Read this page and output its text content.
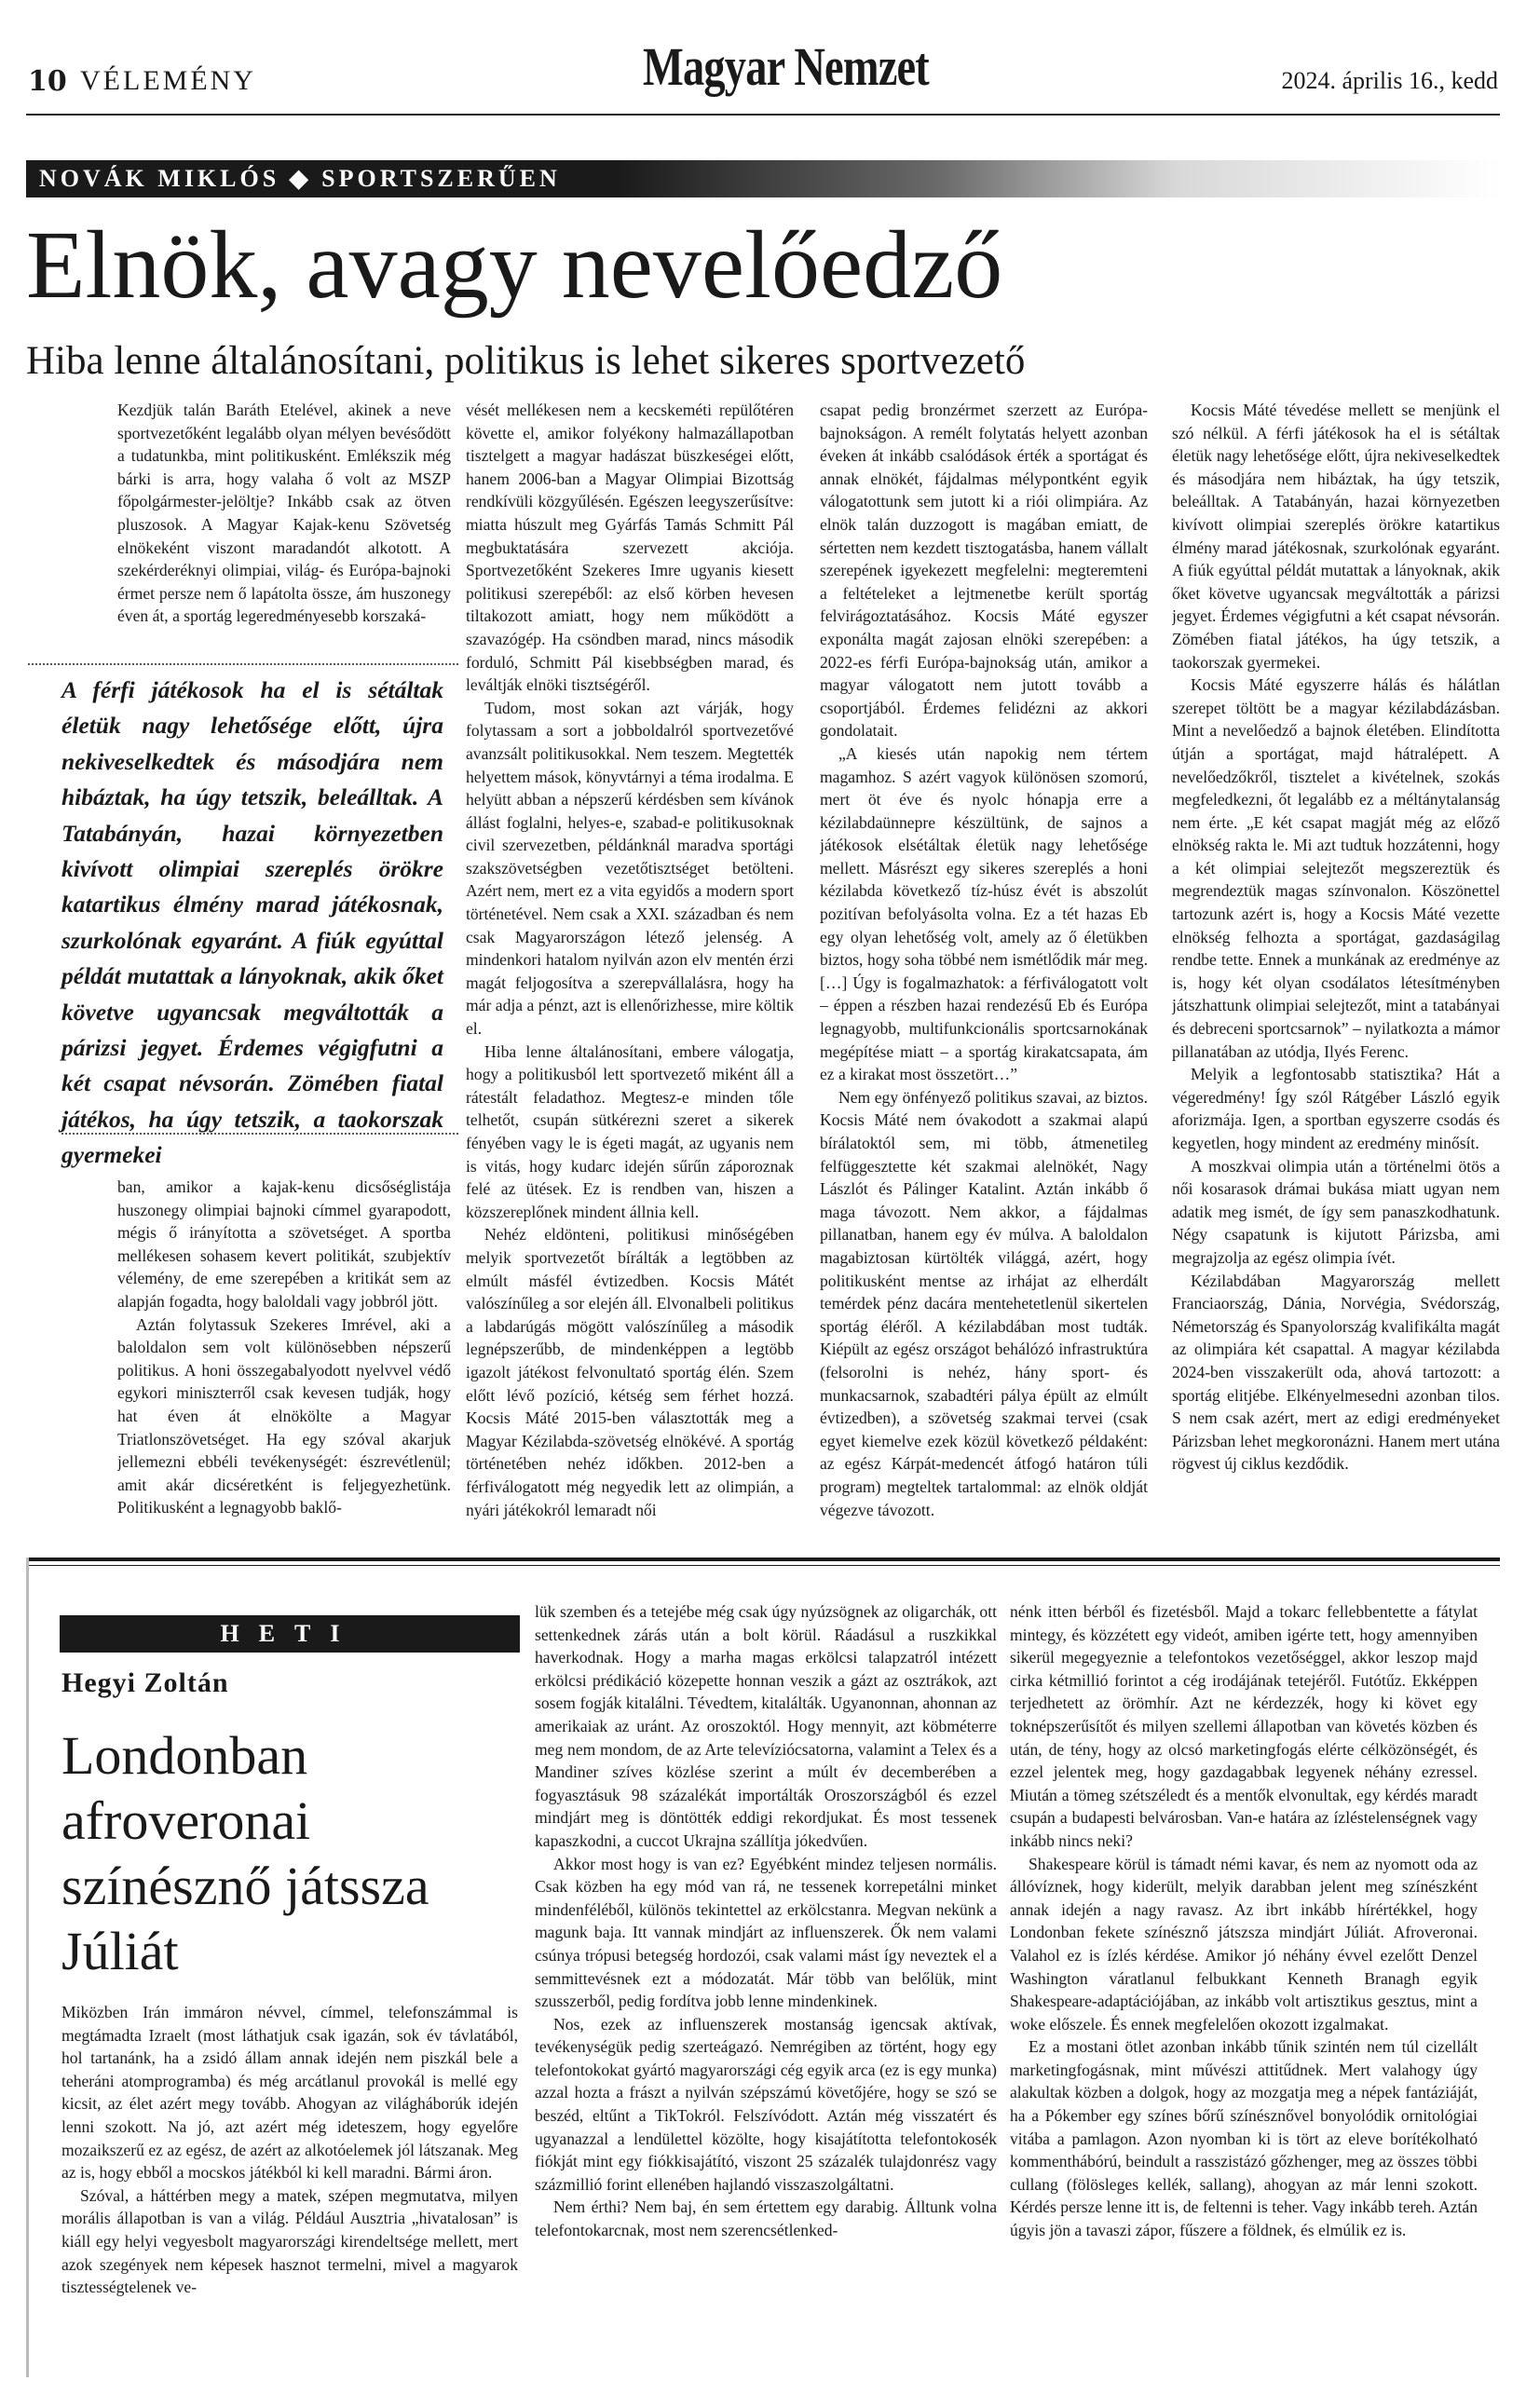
10 VÉLEMÉNY	Magyar Nemzet	2024. április 16., kedd
NOVÁK MIKLÓS ◆ SPORTSZERŰEN
Elnök, avagy nevelőedző
Hiba lenne általánosítani, politikus is lehet sikeres sportvezető

Kezdjük talán Baráth Etelével, akinek a neve sportvezetőként legalább olyan mélyen bevésődött a tudatunkba, mint politikusként. Emlékszik még bárki is arra, hogy valaha ő volt az MSZP főpolgármester-jelöltje? Inkább csak az ötven pluszosok. A Magyar Kajak-kenu Szövetség elnökeként viszont maradandót alkotott. A szekérderéknyi olimpiai, világ- és Európa-bajnoki érmet persze nem ő lapátolta össze, ám huszonegy éven át, a sportág legeredményesebb korszaká-

A férfi játékosok ha el is sétáltak életük nagy lehetősége előtt, újra nekiveselkedtek és másodjára nem hibáztak, ha úgy tetszik, beleálltak. A Tatabányán, hazai környezetben kivívott olimpiai szereplés örökre katartikus élmény marad játékosnak, szurkolónak egyaránt. A fiúk egyúttal példát mutattak a lányoknak, akik őket követve ugyancsak megváltották a párizsi jegyet. Érdemes végigfutni a két csapat névsorán. Zömében fiatal játékos, ha úgy tetszik, a taokorszak gyermekei

ban, amikor a kajak-kenu dicsőséglistája huszonegy olimpiai bajnoki címmel gyarapodott, mégis ő irányította a szövetséget. A sportba mellékesen sohasem kevert politikát, szubjektív vélemény, de eme szerepében a kritikát sem az alapján fogadta, hogy baloldali vagy jobbról jött.

Aztán folytassuk Szekeres Imrével, aki a baloldalon sem volt különösebben népszerű politikus. A honi összegabalyodott nyelvvel védő egykori miniszterről csak kevesen tudják, hogy hat éven át elnökölte a Magyar Triatlonszövetséget. Ha egy szóval akarjuk jellemezni ebbéli tevékenységét: észrevétlenül; amit akár dicséretként is feljegyezhetünk. Politikusként a legnagyobb baklő-

vését mellékesen nem a kecskeméti repülőtéren követte el, amikor folyékony halmazállapotban tisztelgett a magyar hadászat büszkeségei előtt, hanem 2006-ban a Magyar Olimpiai Bizottság rendkívüli közgyűlésén. Egészen leegyszerűsítve: miatta húszult meg Gyárfás Tamás Schmitt Pál megbuktatására szervezett akciója. Sportvezetőként Szekeres Imre ugyanis kiesett politikusi szerepéből: az első körben hevesen tiltakozott amiatt, hogy nem működött a szavazógép. Ha csöndben marad, nincs második forduló, Schmitt Pál kisebbségben marad, és leváltják elnöki tisztségéről.

Tudom, most sokan azt várják, hogy folytassam a sort a jobboldalról sportvezetővé avanzsált politikusokkal. Nem teszem. Megtették helyettem mások, könyvtárnyi a téma irodalma. E helyütt abban a népszerű kérdésben sem kívánok állást foglalni, helyes-e, szabad-e politikusoknak civil szervezetben, példánknál maradva sportági szakszövetségben vezetőtisztséget betölteni. Azért nem, mert ez a vita egyidős a modern sport történetével. Nem csak a XXI. században és nem csak Magyarországon létező jelenség. A mindenkori hatalom nyilván azon elv mentén érzi magát feljogosítva a szerepvállalásra, hogy ha már adja a pénzt, azt is ellenőrizhesse, mire költik el.

Hiba lenne általánosítani, embere válogatja, hogy a politikusból lett sportvezető miként áll a rátestált feladathoz. Megtesz-e minden tőle telhetőt, csupán sütkérezni szeret a sikerek fényében vagy le is égeti magát, az ugyanis nem is vitás, hogy kudarc idején sűrűn záporoznak felé az ütések. Ez is rendben van, hiszen a közszereplőnek mindent állnia kell.

Nehéz eldönteni, politikusi minőségében melyik sportvezetőt bírálták a legtöbben az elmúlt másfél évtizedben. Kocsis Mátét valószínűleg a sor elején áll. Elvonalbeli politikus a labdarúgás mögött valószínűleg a második legnépszerűbb, de mindenképpen a legtöbb igazolt játékost felvonultató sportág élén. Szem előtt lévő pozíció, kétség sem férhet hozzá. Kocsis Máté 2015-ben választották meg a Magyar Kézilabda-szövetség elnökévé. A sportág történetében nehéz időkben. 2012-ben a férfiválogatott még negyedik lett az olimpián, a nyári játékokról lemaradt női

csapat pedig bronzérmet szerzett az Európa-bajnokságon. A remélt folytatás helyett azonban éveken át inkább csalódások érték a sportágat és annak elnökét, fájdalmas mélypontként egyik válogatottunk sem jutott ki a riói olimpiára. Az elnök talán duzzogott is magában emiatt, de sértetten nem kezdett tisztogatásba, hanem vállalt szerepének igyekezett megfelelni: megteremteni a feltételeket a lejtmenetbe került sportág felvirágoztatásához. Kocsis Máté egyszer exponálta magát zajosan elnöki szerepében: a 2022-es férfi Európa-bajnokság után, amikor a magyar válogatott nem jutott tovább a csoportjából. Érdemes felidézni az akkori gondolatait.

„A kiesés után napokig nem tértem magamhoz. S azért vagyok különösen szomorú, mert öt éve és nyolc hónapja erre a kézilabdaünnepre készültünk, de sajnos a játékosok elsétáltak életük nagy lehetősége mellett. Másrészt egy sikeres szereplés a honi kézilabda következő tíz-húsz évét is abszolút pozitívan befolyásolta volna. Ez a tét hazas Eb egy olyan lehetőség volt, amely az ő életükben biztos, hogy soha többé nem ismétlődik már meg. […] Úgy is fogalmazhatok: a férfiválogatott volt – éppen a részben hazai rendezésű Eb és Európa legnagyobb, multifunkcionális sportcsarnokának megépítése miatt – a sportág kirakatcsapata, ám ez a kirakat most összetört…”

Nem egy önfényező politikus szavai, az biztos. Kocsis Máté nem óvakodott a szakmai alapú bírálatoktól sem, mi több, átmenetileg felfüggesztette két szakmai alelnökét, Nagy Lászlót és Pálinger Katalint. Aztán inkább ő maga távozott. Nem akkor, a fájdalmas pillanatban, hanem egy év múlva. A baloldalon magabiztosan kürtölték világgá, azért, hogy politikusként mentse az irhájat az elherdált temérdek pénz dacára mentehetetlenül sikertelen sportág éléről. A kézilabdában most tudták. Kiépült az egész országot behálózó infrastruktúra (felsorolni is nehéz, hány sport- és munkacsarnok, szabadtéri pálya épült az elmúlt évtizedben), a szövetség szakmai tervei (csak egyet kiemelve ezek közül következő példaként: az egész Kárpát-medencét átfogó határon túli program) megteltek tartalommal: az elnök oldját végezve távozott.

Kocsis Máté tévedése mellett se menjünk el szó nélkül. A férfi játékosok ha el is sétáltak életük nagy lehetősége előtt, újra nekiveselkedtek és másodjára nem hibáztak, ha úgy tetszik, beleálltak. A Tatabányán, hazai környezetben kivívott olimpiai szereplés örökre katartikus élmény marad játékosnak, szurkolónak egyaránt. A fiúk egyúttal példát mutattak a lányoknak, akik őket követve ugyancsak megváltották a párizsi jegyet. Érdemes végigfutni a két csapat névsorán. Zömében fiatal játékos, ha úgy tetszik, a taokorszak gyermekei.

Kocsis Máté egyszerre hálás és hálátlan szerepet töltött be a magyar kézilabdázásban. Mint a nevelőedző a bajnok életében. Elindította útján a sportágat, majd hátralépett. A nevelőedzőkről, tisztelet a kivételnek, szokás megfeledkezni, őt legalább ez a méltánytalanság nem érte. „E két csapat magját még az előző elnökség rakta le. Mi azt tudtuk hozzátenni, hogy a két olimpiai selejtezőt megszereztük és megrendeztük magas színvonalon. Köszönettel tartozunk azért is, hogy a Kocsis Máté vezette elnökség felhozta a sportágat, gazdaságilag rendbe tette. Ennek a munkának az eredménye az is, hogy két olyan csodálatos létesítményben játszhattunk olimpiai selejtezőt, mint a tatabányai és debreceni sportcsarnok” – nyilatkozta a mámor pillanatában az utódja, Ilyés Ferenc.

Melyik a legfontosabb statisztika? Hát a végeredmény! Így szól Rátgéber László egyik aforizmája. Igen, a sportban egyszerre csodás és kegyetlen, hogy mindent az eredmény minősít.

A moszkvai olimpia után a történelmi ötös a női kosarasok drámai bukása miatt ugyan nem adatik meg ismét, de így sem panaszkodhatunk. Négy csapatunk is kijutott Párizsba, ami megrajzolja az egész olimpia ívét.

Kézilabdában Magyarország mellett Franciaország, Dánia, Norvégia, Svédország, Németország és Spanyolország kvalifikálta magát az olimpiára két csapattal. A magyar kézilabda 2024-ben visszakerült oda, ahová tartozott: a sportág elitjébe. Elkényelmesedni azonban tilos. S nem csak azért, mert az edigi eredményeket Párizsban lehet megkoronázni. Hanem mert utána rögvest új ciklus kezdődik.

HETI AGYRÉMEK
Hegyi Zoltán
Londonban afroveronai színésznő játssza Júliát

Miközben Irán immáron névvel, címmel, telefonszámmal is megtámadta Izraelt (most láthatjuk csak igazán, sok év távlatából, hol tartanánk, ha a zsidó állam annak idején nem piszkál bele a teheráni atomprogramba) és még arcátlanul provokál is mellé egy kicsit, az élet azért megy tovább. Ahogyan az világháborúk idején lenni szokott. Na jó, azt azért még ideteszem, hogy egyelőre mozaikszerű ez az egész, de azért az alkotóelemek jól látszanak. Meg az is, hogy ebből a mocskos játékból ki kell maradni. Bármi áron.

Szóval, a háttérben megy a matek, szépen megmutatva, milyen morális állapotban is van a világ. Például Ausztria „hivatalosan” is kiáll egy helyi vegyesbolt magyarországi kirendeltsége mellett, mert azok szegények nem képesek hasznot termelni, mivel a magyarok tisztességtelenek ve-

lük szemben és a tetejébe még csak úgy nyúzsögnek az oligarchák, ott settenkednek zárás után a bolt körül. Ráadásul a ruszkikkal haverkodnak. Hogy a marha magas erkölcsi talapzatról intézett erkölcsi prédikáció közepette honnan veszik a gázt az osztrákok, azt sosem fogják kitalálni. Tévedtem, kitalálták. Ugyanonnan, ahonnan az amerikaiak az uránt. Az oroszoktól. Hogy mennyit, azt köbméterre meg nem mondom, de az Arte televíziócsatorna, valamint a Telex és a Mandiner szíves közlése szerint a múlt év decemberében a fogyasztásuk 98 százalékát importálták Oroszországból és ezzel mindjárt meg is döntötték eddigi rekordjukat. És most tessenek kapaszkodni, a cuccot Ukrajna szállítja jókedvűen.

Akkor most hogy is van ez? Egyébként mindez teljesen normális. Csak közben ha egy mód van rá, ne tessenek korrepetálni minket mindenféléből, különös tekintettel az erkölcstanra. Megvan nekünk a magunk baja. Itt vannak mindjárt az influenszerek. Ők nem valami csúnya trópusi betegség hordozói, csak valami mást így neveztek el a semmittevésnek ezt a módozatát. Már több van belőlük, mint szusszerből, pedig fordítva jobb lenne mindenkinek.

Nos, ezek az influenszerek mostanság igencsak aktívak, tevékenységük pedig szerteágazó. Nemrégiben az történt, hogy egy telefontokokat gyártó magyarországi cég egyik arca (ez is egy munka) azzal hozta a frászt a nyilván szépszámú követőjére, hogy se szó se beszéd, eltűnt a TikTokról. Felszívódott. Aztán még visszatért és ugyanazzal a lendülettel közölte, hogy kisajátította telefontokosék fiókját mint egy fiókkisajátító, viszont 25 százalék tulajdonrész vagy százmillió forint ellenében hajlandó visszaszolgáltatni.

Nem érthi? Nem baj, én sem értettem egy darabig. Álltunk volna telefontokarcnak, most nem szerencsétlenked-

nénk itten bérből és fizetésből. Majd a tokarc fellebbentette a fátylat mintegy, és közzétett egy videót, amiben igérte tett, hogy amennyiben sikerül megegyeznie a telefontokos vezetőséggel, akkor leszop majd cirka kétmillió forintot a cég irodájának tetejéről. Futótűz. Ekképpen terjedhetett az örömhír. Azt ne kérdezzék, hogy ki követ egy toknépszerűsítőt és milyen szellemi állapotban van követés közben és után, de tény, hogy az olcsó marketingfogás elérte célközönségét, és ezzel jelentek meg, hogy gazdagabbak legyenek néhány ezressel. Miután a tömeg szétszéledt és a mentők elvonultak, egy kérdés maradt csupán a budapesti belvárosban. Van-e határa az ízléstelenségnek vagy inkább nincs neki?

Shakespeare körül is támadt némi kavar, és nem az nyomott oda az állóvíznek, hogy kiderült, melyik darabban jelent meg színészként annak idején a nagy ravasz. Az ibrt inkább hírértékkel, hogy Londonban fekete színésznő játszsza mindjárt Júliát. Afroveronai. Valahol ez is ízlés kérdése. Amikor jó néhány évvel ezelőtt Denzel Washington váratlanul felbukkant Kenneth Branagh egyik Shakespeare-adaptációjában, az inkább volt artisztikus gesztus, mint a woke előszele. És ennek megfelelően okozott izgalmakat.

Ez a mostani ötlet azonban inkább tűnik szintén nem túl cizellált marketingfogásnak, mint művészi attitűdnek. Mert valahogy úgy alakultak közben a dolgok, hogy az mozgatja meg a népek fantáziáját, ha a Pókember egy színes bőrű színésznővel bonyolódik ornitológiai vitába a pamlagon. Azon nyomban ki is tört az eleve borítékolható kommenthábórú, beindult a rasszistázó gőzhenger, meg az összes többi cullang (fölösleges kellék, sallang), ahogyan az már lenni szokott. Kérdés persze lenne itt is, de feltenni is teher. Vagy inkább tereh. Aztán úgyis jön a tavaszi zápor, fűszere a földnek, és elmúlik ez is.
